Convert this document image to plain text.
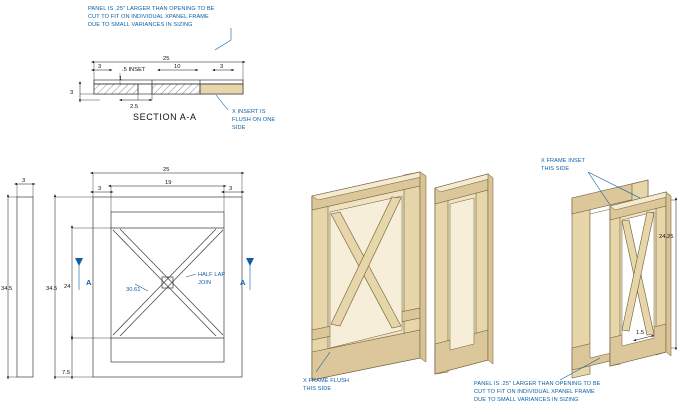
PANEL IS .25" LARGER THAN OPENING TO BE
CUT TO FIT ON INDIVIDUAL XPANEL FRAME
DUE TO SMALL VARIANCES IN SIZING
25
3	10	3
.5 INSET
3
2.5
1
SECTION A-A	X INSERT IS
FLUSH ON ONE
SIDE
3
34.5
25
19
3	3
34.5 24
7.5
30.61
HALF LAP
JOIN
A	A
X FRAME FLUSH
THIS SIDE
X FRAME INSET
THIS SIDE
24.25
1.5
PANEL IS .25" LARGER THAN OPENING TO BE
CUT TO FIT ON INDIVIDUAL XPANEL FRAME
DUE TO SMALL VARIANCES IN SIZING
